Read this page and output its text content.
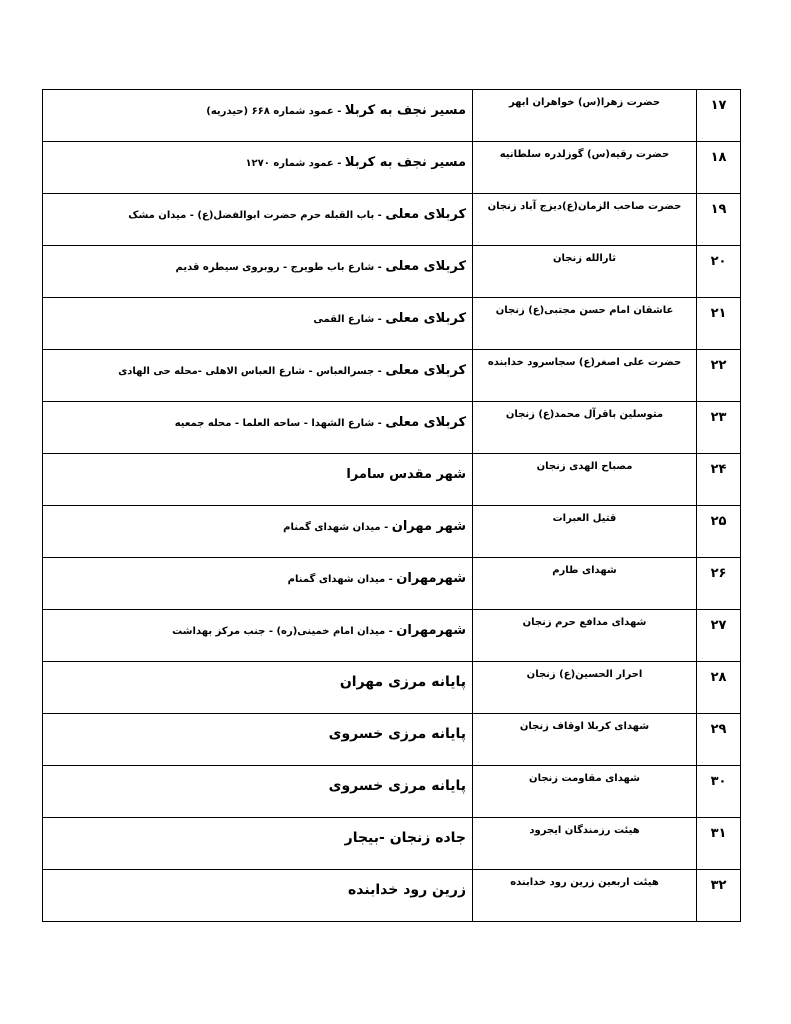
۱۷	حضرت زهرا(س) خواهران ابهر	مسیر نجف به کربلا - عمود شماره ۶۶۸ (حیدریه)
۱۸	حضرت رقیه(س) گوزلدره سلطانیه	مسیر نجف به کربلا - عمود شماره ۱۲۷۰
۱۹	حضرت صاحب الزمان(ع)دیزج آباد زنجان	کربلای معلی - باب القبله حرم حضرت ابوالفضل(ع) - میدان مشک
۲۰	ثارالله زنجان	کربلای معلی - شارع باب طویرج - روبروی سیطره قدیم
۲۱	عاشقان امام حسن مجتبی(ع) زنجان	کربلای معلی - شارع القمی
۲۲	حضرت علی اصغر(ع) سجاسرود خدابنده	کربلای معلی - جسرالعباس - شارع العباس الاهلی -محله حی الهادی
۲۳	متوسلین باقرآل محمد(ع) زنجان	کربلای معلی - شارع الشهدا - ساحه العلما - محله جمعیه
۲۴	مصباح الهدی زنجان	شهر مقدس سامرا
۲۵	قتیل العبرات	شهر مهران - میدان شهدای گمنام
۲۶	شهدای طارم	شهرمهران - میدان شهدای گمنام
۲۷	شهدای مدافع حرم زنجان	شهرمهران - میدان امام خمینی(ره) - جنب مرکز بهداشت
۲۸	احرار الحسین(ع) زنجان	پایانه مرزی مهران
۲۹	شهدای کربلا اوقاف زنجان	پایانه مرزی خسروی
۳۰	شهدای مقاومت زنجان	پایانه مرزی خسروی
۳۱	هیئت رزمندگان ایجرود	جاده زنجان -بیجار
۳۲	هیئت اربعین زرین رود خدابنده	زرین رود خدابنده
